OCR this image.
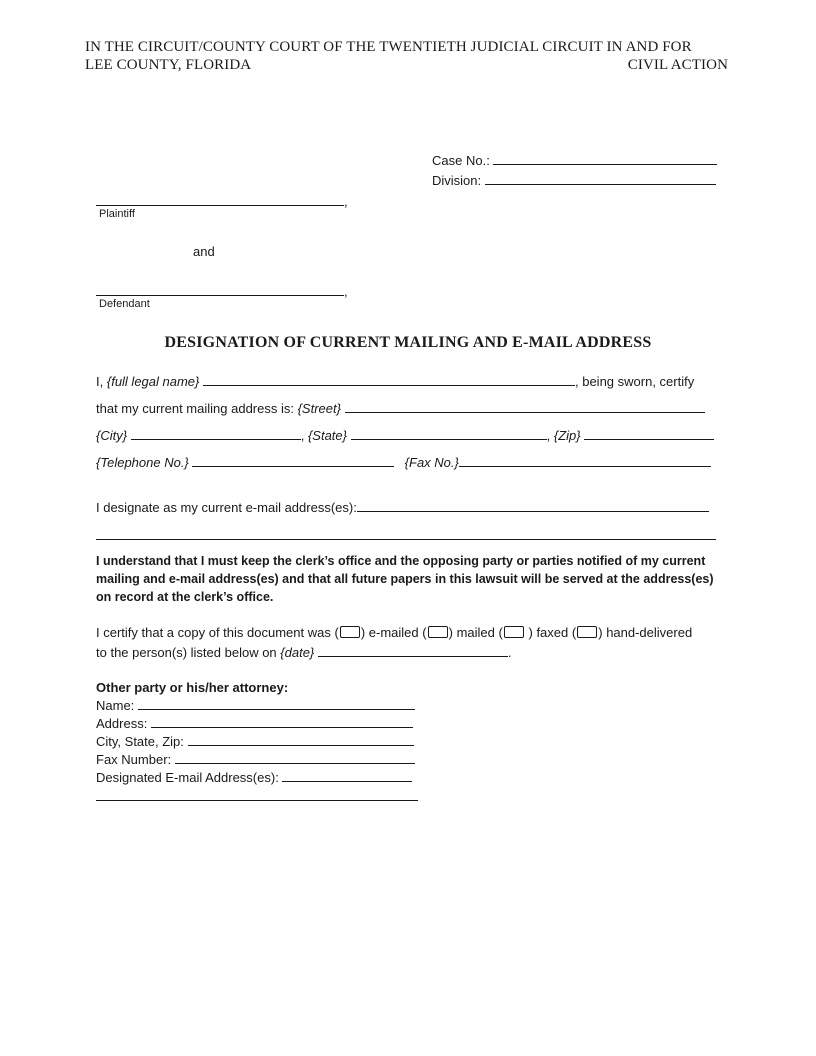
IN THE CIRCUIT/COUNTY COURT OF THE TWENTIETH JUDICIAL CIRCUIT IN AND FOR
LEE COUNTY, FLORIDA	CIVIL ACTION
Case No.:
Division:
,
Plaintiff
and
,
Defendant
DESIGNATION OF CURRENT MAILING AND E-MAIL ADDRESS
I, {full legal name}	, being sworn, certify
that my current mailing address is: {Street}
{City}	, {State}	, {Zip}
{Telephone No.}	{Fax No.}
I designate as my current e-mail address(es):
I understand that I must keep the clerk’s office and the opposing party or parties notified of my current mailing and e-mail address(es) and that all future papers in this lawsuit will be served at the address(es) on record at the clerk’s office.
I certify that a copy of this document was ( ) e-mailed ( ) mailed ( ) faxed ( ) hand-delivered
to the person(s) listed below on {date}	.
Other party or his/her attorney:
Name:
Address:
City, State, Zip:
Fax Number:
Designated E-mail Address(es):
